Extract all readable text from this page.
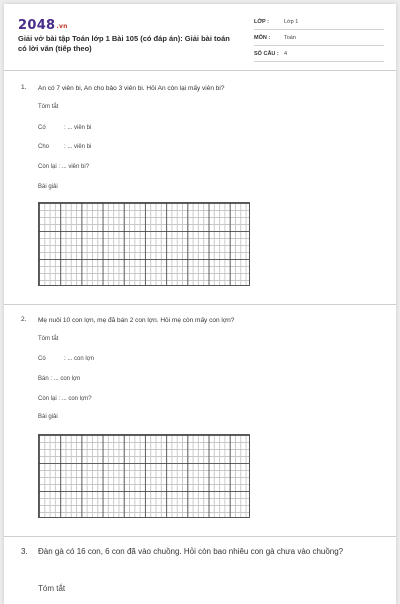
2048.vn
Giải vở bài tập Toán lớp 1 Bài 105 (có đáp án): Giải bài toán có lời văn (tiếp theo)
LỚP :	Lớp 1
MÔN :	Toán
SỐ CÂU : 4
1. An có 7 viên bi, An cho bảo 3 viên bi. Hỏi An còn lại mấy viên bi?
Tóm tắt
Có	: ... viên bi
Cho : ... viên bi
Còn lại : ... viên bi?
Bài giải
2. Mẹ nuôi 10 con lợn, mẹ đã bán 2 con lợn. Hỏi mẹ còn mấy con lợn?
Tóm tắt
Có	: ... con lợn
Bán : ... con lợn
Còn lại : ... con lợn?
Bài giải
3. Đàn gà có 16 con, 6 con đã vào chuồng. Hỏi còn bao nhiêu con gà chưa vào chuồng?
Tóm tắt
